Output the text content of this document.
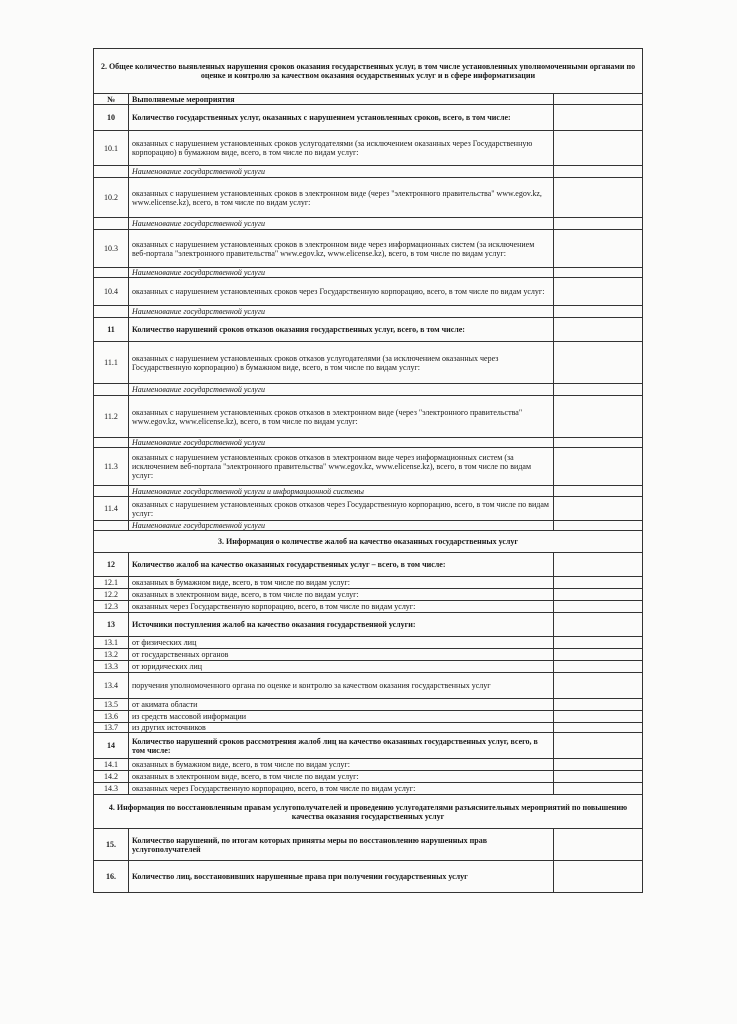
2. Общее количество выявленных нарушения сроков оказания государственных услуг, в том числе установленных уполномоченными органами по оценке и контролю за качеством оказания осударственных услуг и в сфере информатизации		
№	Выполняемые мероприятия	
10	Количество государственных услуг, оказанных с нарушением установленных сроков, всего, в том числе:	
10.1	оказанных с нарушением установленных сроков услугодателями (за исключением оказанных через Государственную корпорацию) в бумажном виде, всего, в том числе по видам услуг:	
	Наименование государственной услуги	
10.2	оказанных с нарушением установленных сроков в электронном виде (через "электронного правительства" www.egov.kz, www.elicense.kz), всего, в том числе по видам услуг:	
	Наименование государственной услуги	
10.3	оказанных с нарушением установленных сроков в электронном виде через информационных систем (за исключением веб-портала "электронного правительства" www.egov.kz, www.elicense.kz), всего, в том числе по видам услуг:	
	Наименование государственной услуги	
10.4	оказанных с нарушением установленных сроков через Государственную корпорацию, всего, в том числе по видам услуг:	
	Наименование государственной услуги	
11	Количество нарушений сроков отказов оказания государственных услуг, всего, в том числе:	
11.1	оказанных с нарушением установленных сроков отказов услугодателями (за исключением оказанных через Государственную корпорацию) в бумажном виде, всего, в том числе по видам услуг:	
	Наименование государственной услуги	
11.2	оказанных с нарушением установленных сроков отказов в электронном виде (через "электронного правительства" www.egov.kz, www.elicense.kz), всего, в том числе по видам услуг:	
	Наименование государственной услуги	
11.3	оказанных с нарушением установленных сроков отказов в электронном виде через информационных систем (за исключением веб-портала "электронного правительства" www.egov.kz, www.elicense.kz), всего, в том числе по видам услуг:	
	Наименование государственной услуги и информационной системы	
11.4	оказанных с нарушением установленных сроков отказов через Государственную корпорацию, всего, в том числе по видам услуг:	
	Наименование государственной услуги	
3. Информация о количестве жалоб на качество оказанных государственных услуг		
12	Количество жалоб на качество оказанных государственных услуг – всего, в том числе:	
12.1	оказанных в бумажном виде, всего, в том числе по видам услуг:	
12.2	оказанных в электронном виде, всего, в том числе по видам услуг:	
12.3	оказанных через Государственную корпорацию, всего, в том числе по видам услуг:	
13	Источники поступления жалоб на качество оказания государственной услуги:	
13.1	от физических лиц	
13.2	от государственных органов	
13.3	от юридических лиц	
13.4	поручения уполномоченного органа по оценке и контролю за качеством оказания государственных услуг	
13.5	от акимата области	
13.6	из средств массовой информации	
13.7	из других источников	
14	Количество нарушений сроков рассмотрения жалоб лиц на качество оказанных государственных услуг, всего, в том числе:	
14.1	оказанных в бумажном виде, всего, в том числе по видам услуг:	
14.2	оказанных в электронном виде, всего, в том числе по видам услуг:	
14.3	оказанных через Государственную корпорацию, всего, в том числе по видам услуг:	
4. Информация по восстановленным правам услугополучателей и проведению услугодателями разъяснительных мероприятий по повышению качества оказания государственных услуг		
15.	Количество нарушений, по итогам которых приняты меры по восстановлению нарушенных прав услугополучателей	
16.	Количество лиц, восстановивших нарушенные права при получении государственных услуг	
